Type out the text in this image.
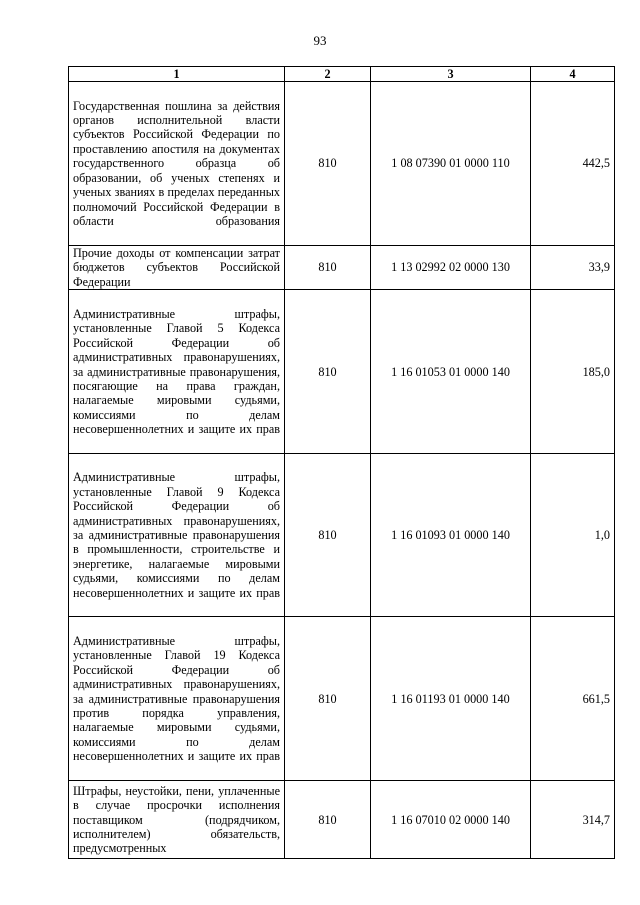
93
1	2	3	4
Государственная пошлина за действия органов исполнительной власти субъектов Российской Федерации по проставлению апостиля на документах государственного образца об образовании, об ученых степенях и ученых званиях в пределах переданных полномочий Российской Федерации в области образования	810	1 08 07390 01 0000 110	442,5
Прочие доходы от компенсации затрат бюджетов субъектов Российской Федерации	810	1 13 02992 02 0000 130	33,9
Административные штрафы, установленные Главой 5 Кодекса Российской Федерации об административных правонарушениях, за административные правонарушения, посягающие на права граждан, налагаемые мировыми судьями, комиссиями по делам несовершеннолетних и защите их прав	810	1 16 01053 01 0000 140	185,0
Административные штрафы, установленные Главой 9 Кодекса Российской Федерации об административных правонарушениях, за административные правонарушения в промышленности, строительстве и энергетике, налагаемые мировыми судьями, комиссиями по делам несовершеннолетних и защите их прав	810	1 16 01093 01 0000 140	1,0
Административные штрафы, установленные Главой 19 Кодекса Российской Федерации об административных правонарушениях, за административные правонарушения против порядка управления, налагаемые мировыми судьями, комиссиями по делам несовершеннолетних и защите их прав	810	1 16 01193 01 0000 140	661,5
Штрафы, неустойки, пени, уплаченные в случае просрочки исполнения поставщиком (подрядчиком, исполнителем) обязательств, предусмотренных	810	1 16 07010 02 0000 140	314,7
